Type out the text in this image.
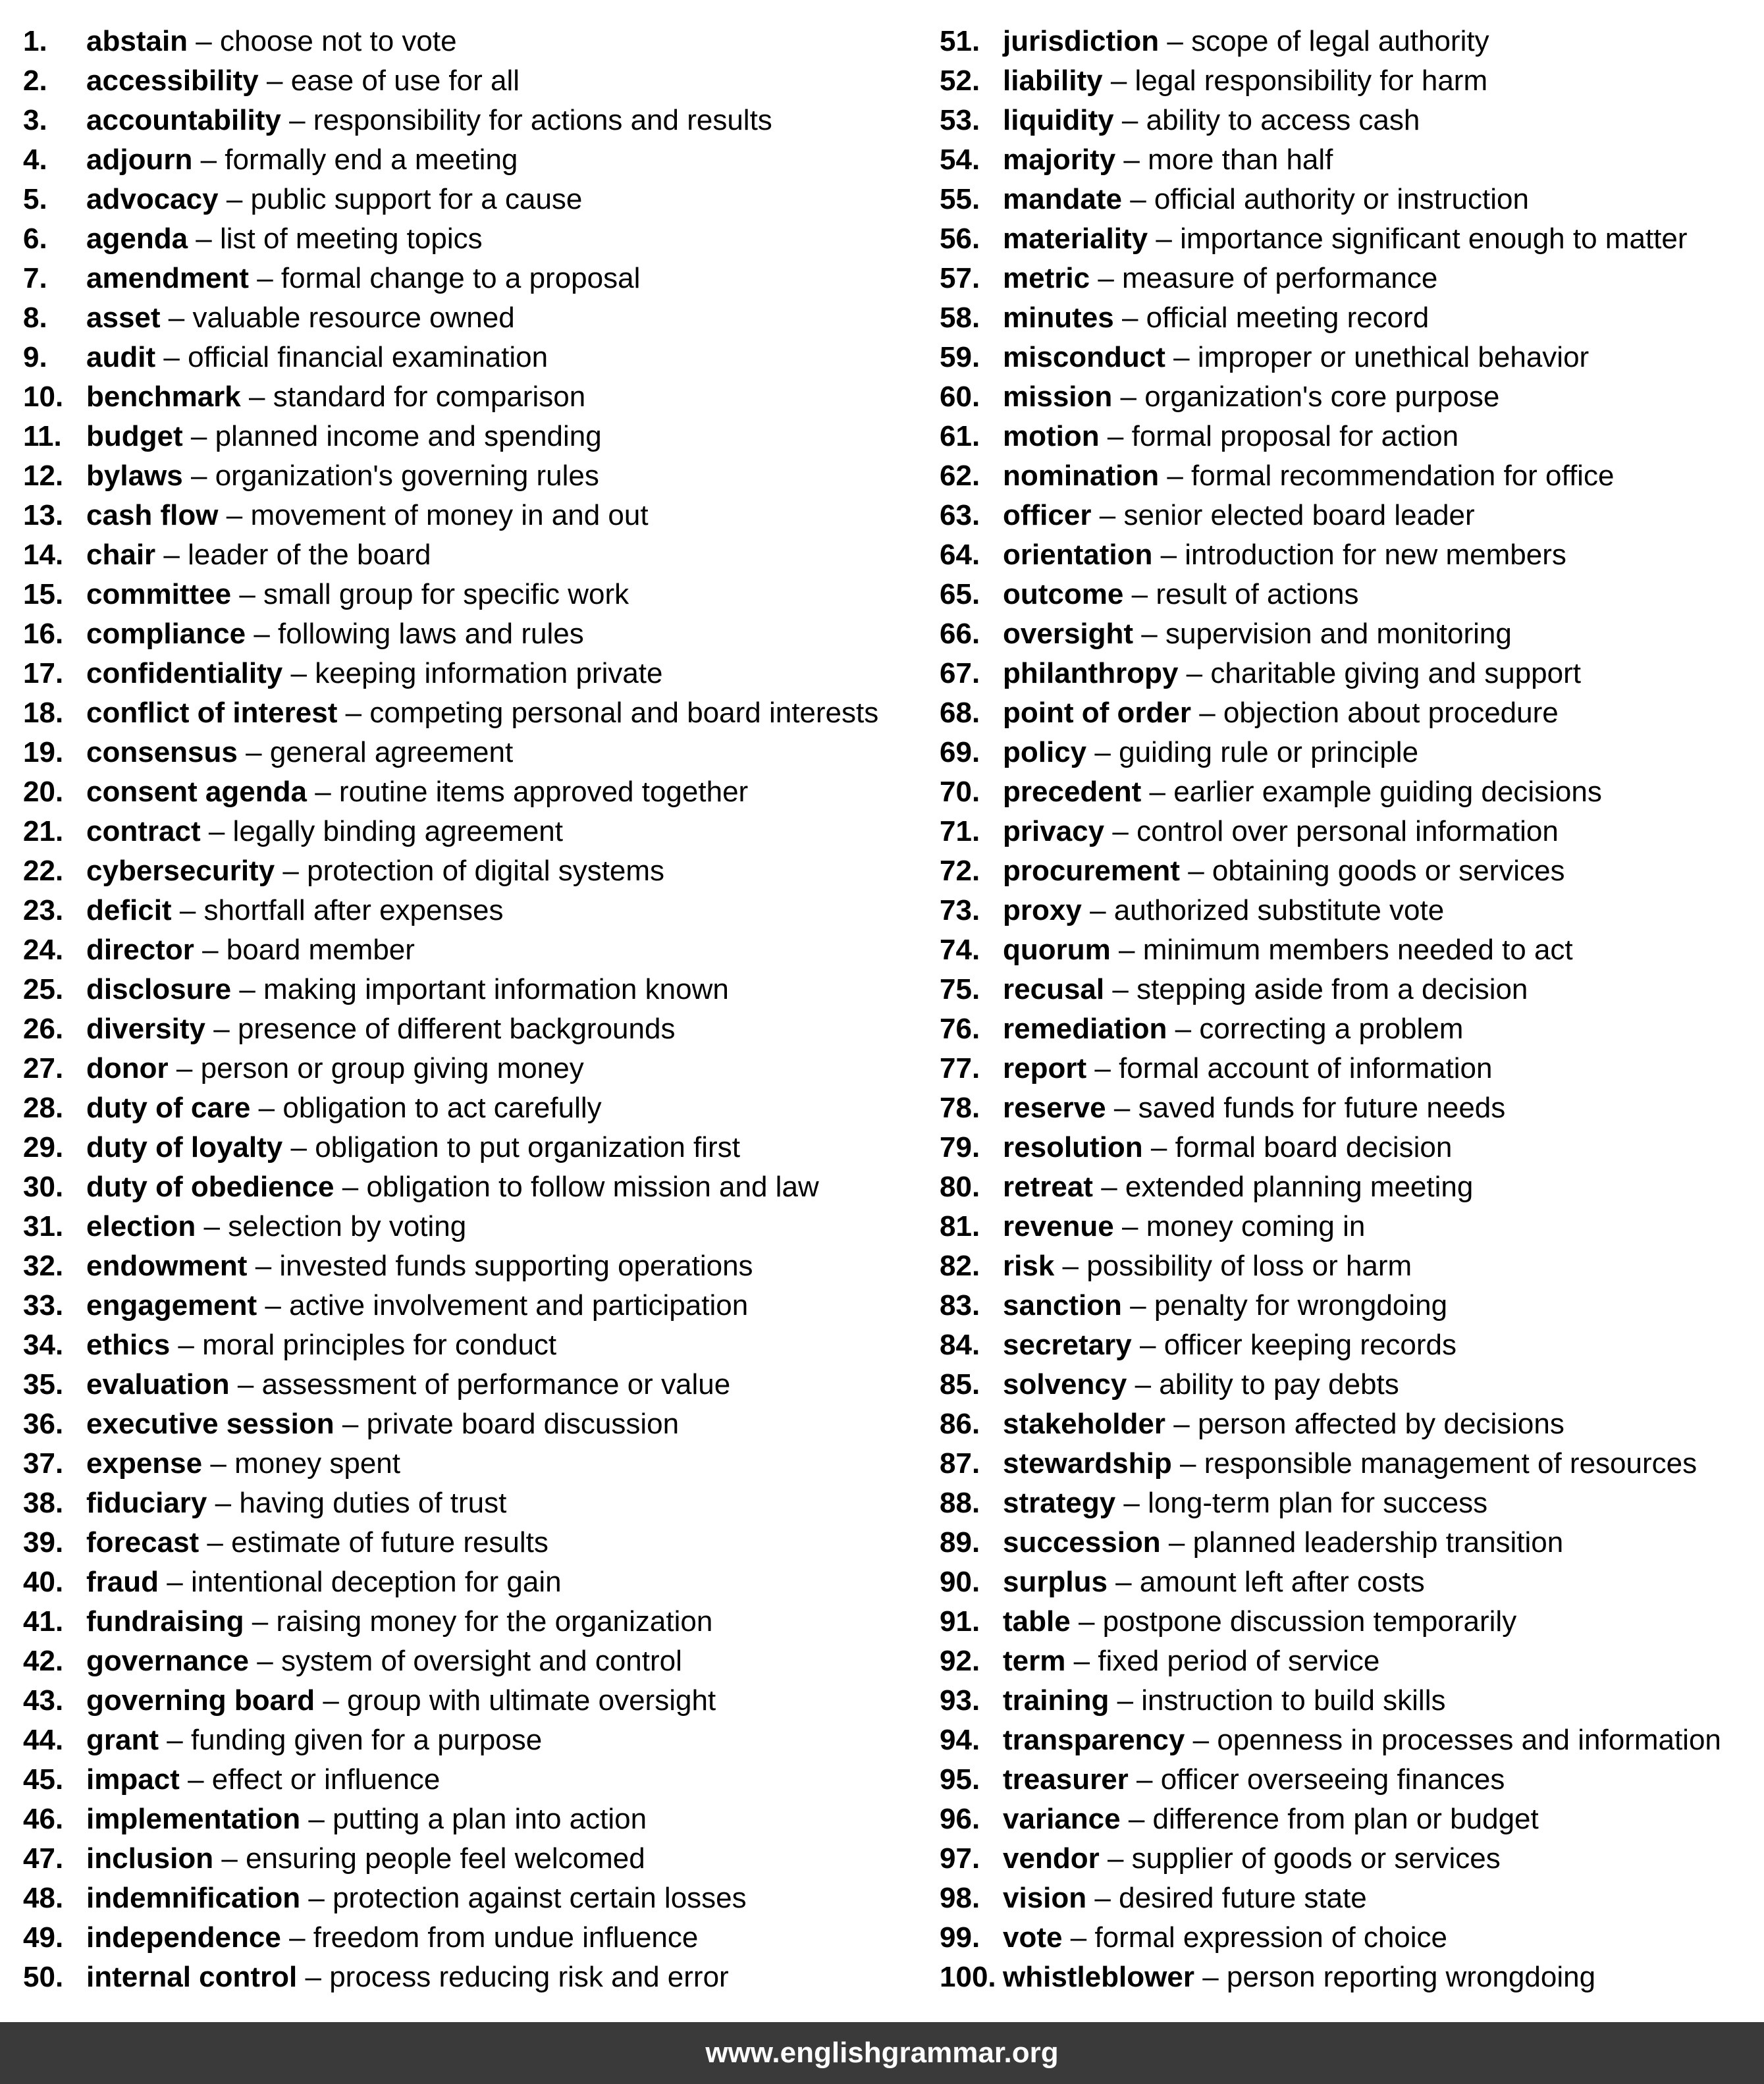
1. abstain – choose not to vote
2. accessibility – ease of use for all
3. accountability – responsibility for actions and results
4. adjourn – formally end a meeting
5. advocacy – public support for a cause
6. agenda – list of meeting topics
7. amendment – formal change to a proposal
8. asset – valuable resource owned
9. audit – official financial examination
10. benchmark – standard for comparison
11. budget – planned income and spending
12. bylaws – organization's governing rules
13. cash flow – movement of money in and out
14. chair – leader of the board
15. committee – small group for specific work
16. compliance – following laws and rules
17. confidentiality – keeping information private
18. conflict of interest – competing personal and board interests
19. consensus – general agreement
20. consent agenda – routine items approved together
21. contract – legally binding agreement
22. cybersecurity – protection of digital systems
23. deficit – shortfall after expenses
24. director – board member
25. disclosure – making important information known
26. diversity – presence of different backgrounds
27. donor – person or group giving money
28. duty of care – obligation to act carefully
29. duty of loyalty – obligation to put organization first
30. duty of obedience – obligation to follow mission and law
31. election – selection by voting
32. endowment – invested funds supporting operations
33. engagement – active involvement and participation
34. ethics – moral principles for conduct
35. evaluation – assessment of performance or value
36. executive session – private board discussion
37. expense – money spent
38. fiduciary – having duties of trust
39. forecast – estimate of future results
40. fraud – intentional deception for gain
41. fundraising – raising money for the organization
42. governance – system of oversight and control
43. governing board – group with ultimate oversight
44. grant – funding given for a purpose
45. impact – effect or influence
46. implementation – putting a plan into action
47. inclusion – ensuring people feel welcomed
48. indemnification – protection against certain losses
49. independence – freedom from undue influence
50. internal control – process reducing risk and error
51. jurisdiction – scope of legal authority
52. liability – legal responsibility for harm
53. liquidity – ability to access cash
54. majority – more than half
55. mandate – official authority or instruction
56. materiality – importance significant enough to matter
57. metric – measure of performance
58. minutes – official meeting record
59. misconduct – improper or unethical behavior
60. mission – organization's core purpose
61. motion – formal proposal for action
62. nomination – formal recommendation for office
63. officer – senior elected board leader
64. orientation – introduction for new members
65. outcome – result of actions
66. oversight – supervision and monitoring
67. philanthropy – charitable giving and support
68. point of order – objection about procedure
69. policy – guiding rule or principle
70. precedent – earlier example guiding decisions
71. privacy – control over personal information
72. procurement – obtaining goods or services
73. proxy – authorized substitute vote
74. quorum – minimum members needed to act
75. recusal – stepping aside from a decision
76. remediation – correcting a problem
77. report – formal account of information
78. reserve – saved funds for future needs
79. resolution – formal board decision
80. retreat – extended planning meeting
81. revenue – money coming in
82. risk – possibility of loss or harm
83. sanction – penalty for wrongdoing
84. secretary – officer keeping records
85. solvency – ability to pay debts
86. stakeholder – person affected by decisions
87. stewardship – responsible management of resources
88. strategy – long-term plan for success
89. succession – planned leadership transition
90. surplus – amount left after costs
91. table – postpone discussion temporarily
92. term – fixed period of service
93. training – instruction to build skills
94. transparency – openness in processes and information
95. treasurer – officer overseeing finances
96. variance – difference from plan or budget
97. vendor – supplier of goods or services
98. vision – desired future state
99. vote – formal expression of choice
100. whistleblower – person reporting wrongdoing
www.englishgrammar.org
